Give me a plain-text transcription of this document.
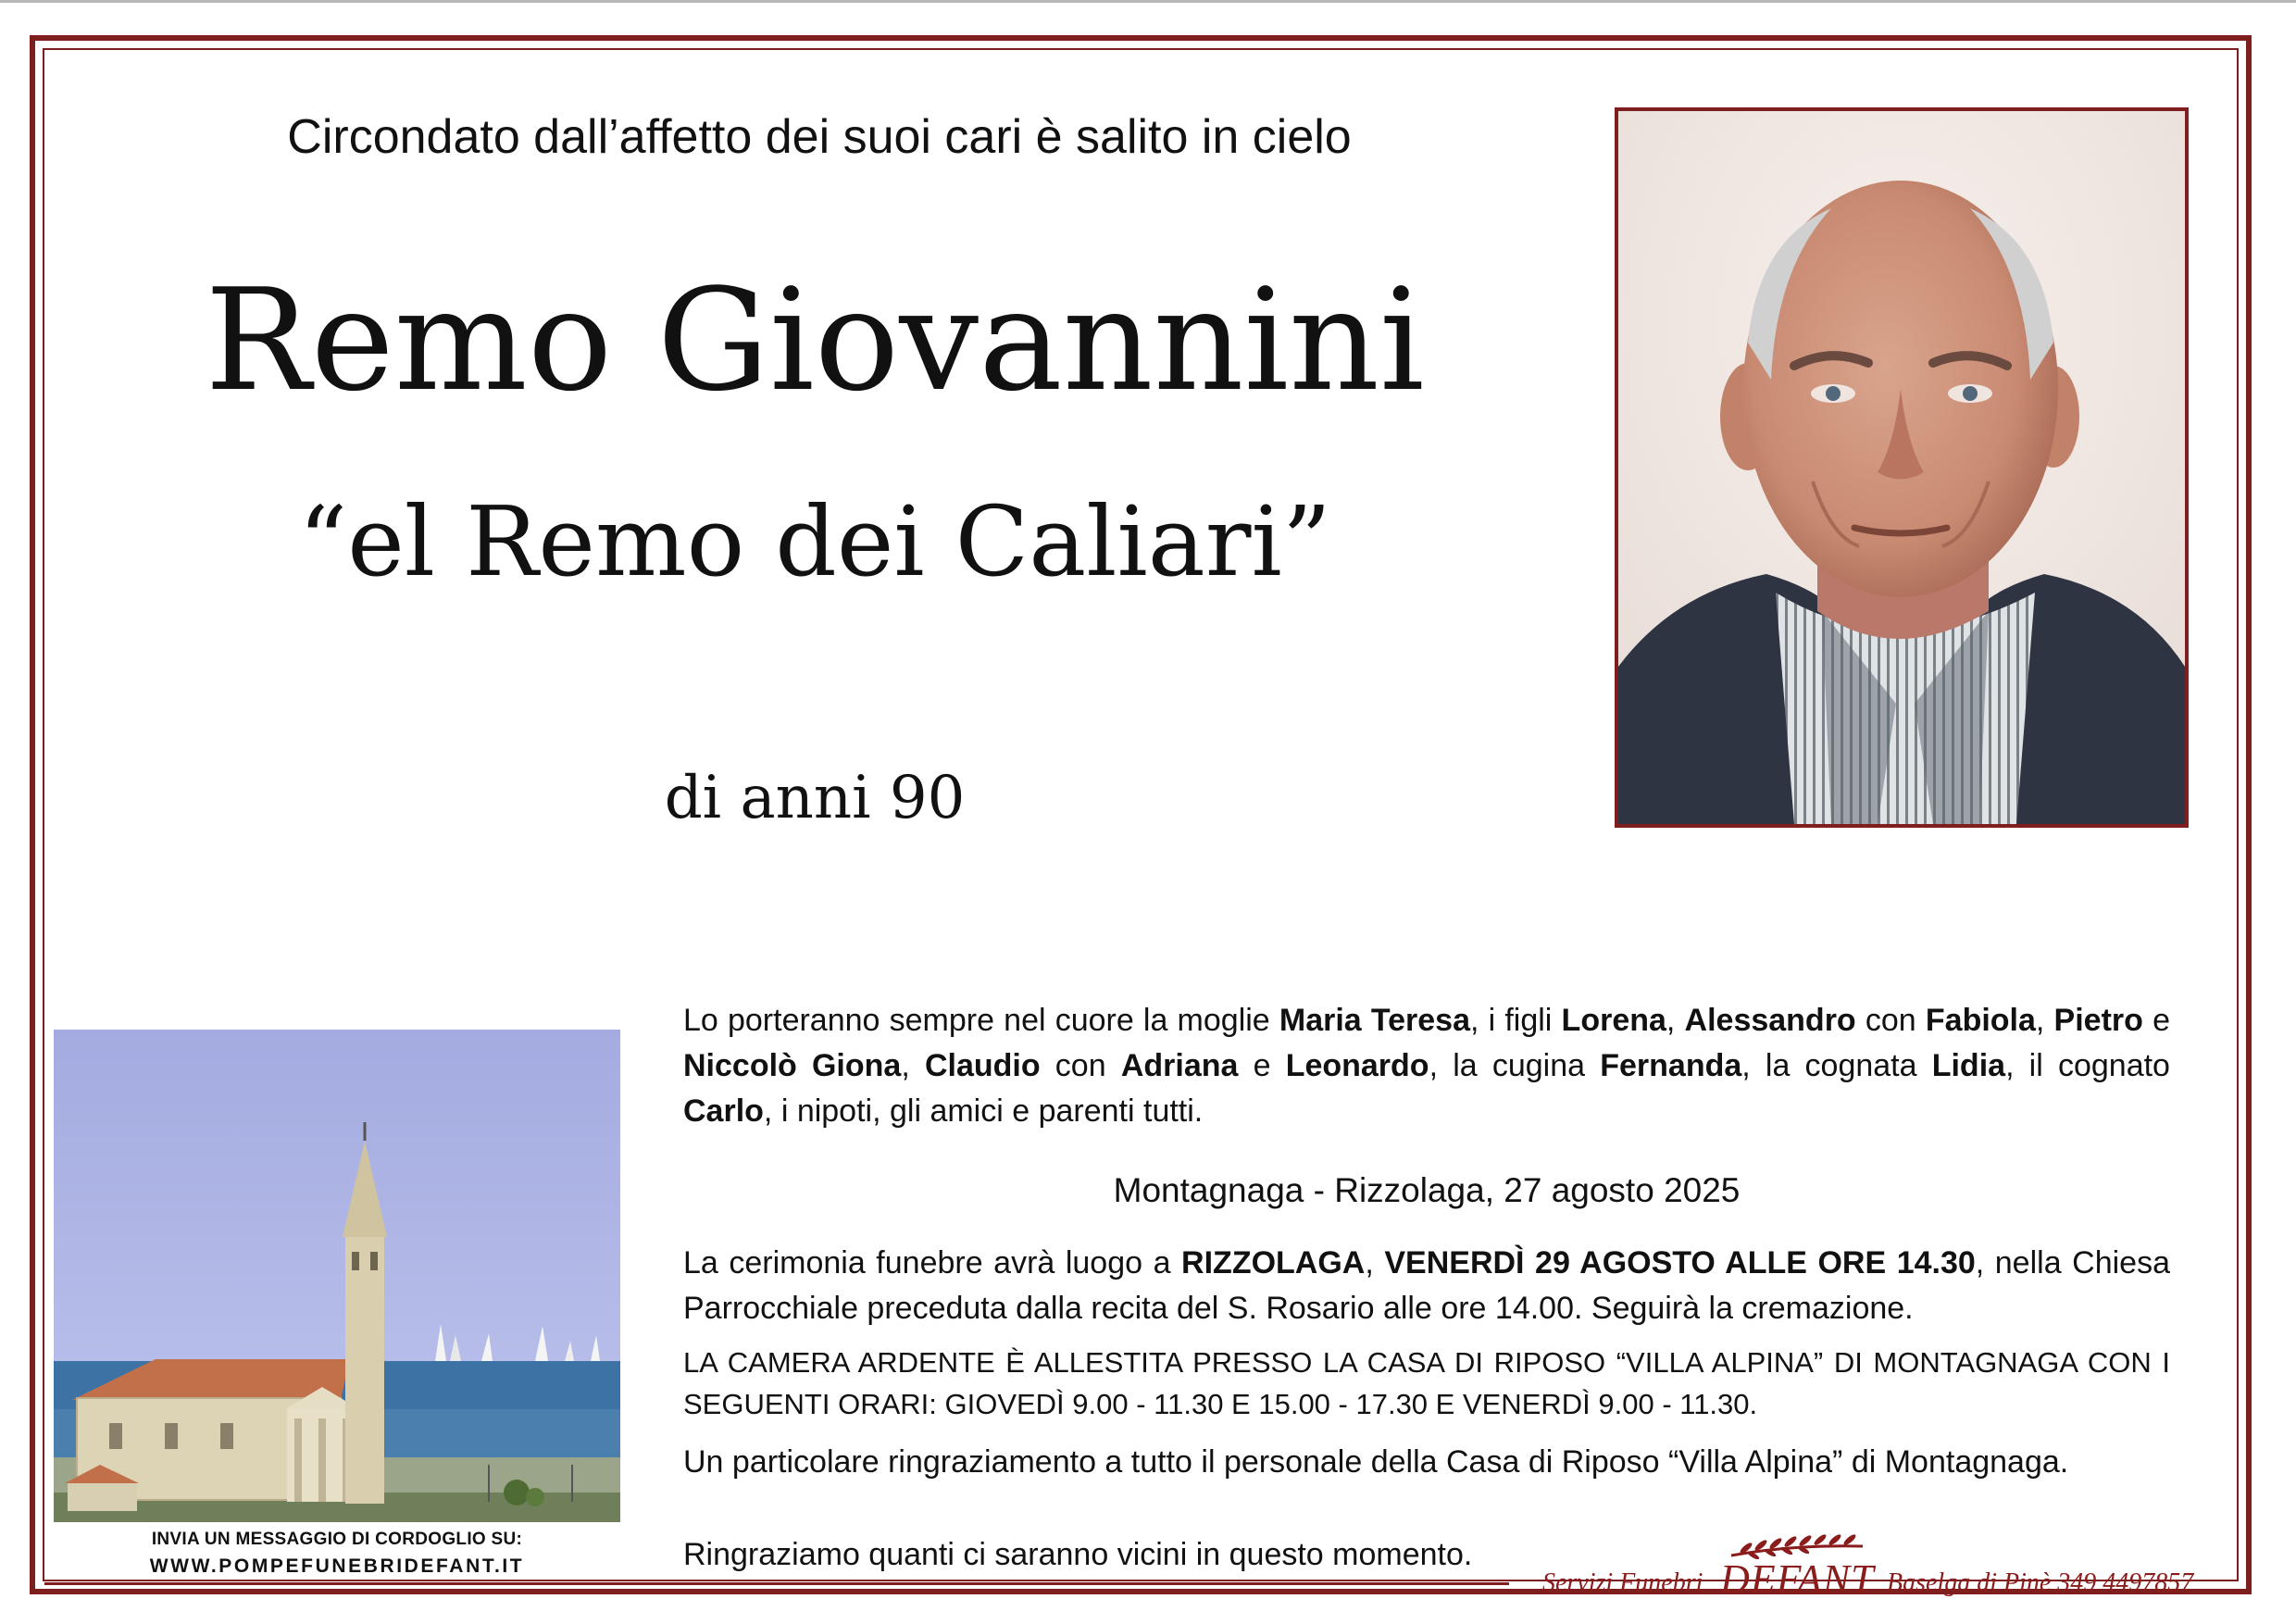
Circondato dall’affetto dei suoi cari è salito in cielo
Remo Giovannini
“el Remo dei Caliari”
di anni 90
INVIA UN MESSAGGIO DI CORDOGLIO SU:
WWW.POMPEFUNEBRIDEFANT.IT
Lo porteranno sempre nel cuore la moglie Maria Teresa, i figli Lorena, Alessandro con Fabiola, Pietro e Niccolò Giona, Claudio con Adriana e Leonardo, la cugina Fernanda, la cognata Lidia, il cognato Carlo, i nipoti, gli amici e parenti tutti.
Montagnaga - Rizzolaga, 27 agosto 2025
La cerimonia funebre avrà luogo a RIZZOLAGA, VENERDÌ 29 AGOSTO ALLE ORE 14.30, nella Chiesa Parrocchiale preceduta dalla recita del S. Rosario alle ore 14.00. Seguirà la cremazione.
LA CAMERA ARDENTE È ALLESTITA PRESSO LA CASA DI RIPOSO “VILLA ALPINA” DI MONTAGNAGA CON I SEGUENTI ORARI: GIOVEDÌ 9.00 - 11.30 E 15.00 - 17.30 E VENERDÌ 9.00 - 11.30.
Un particolare ringraziamento a tutto il personale della Casa di Riposo “Villa Alpina” di Montagnaga.
Ringraziamo quanti ci saranno vicini in questo momento.
Servizi Funebri DEFANT Baselga di Pinè 349 4497857
